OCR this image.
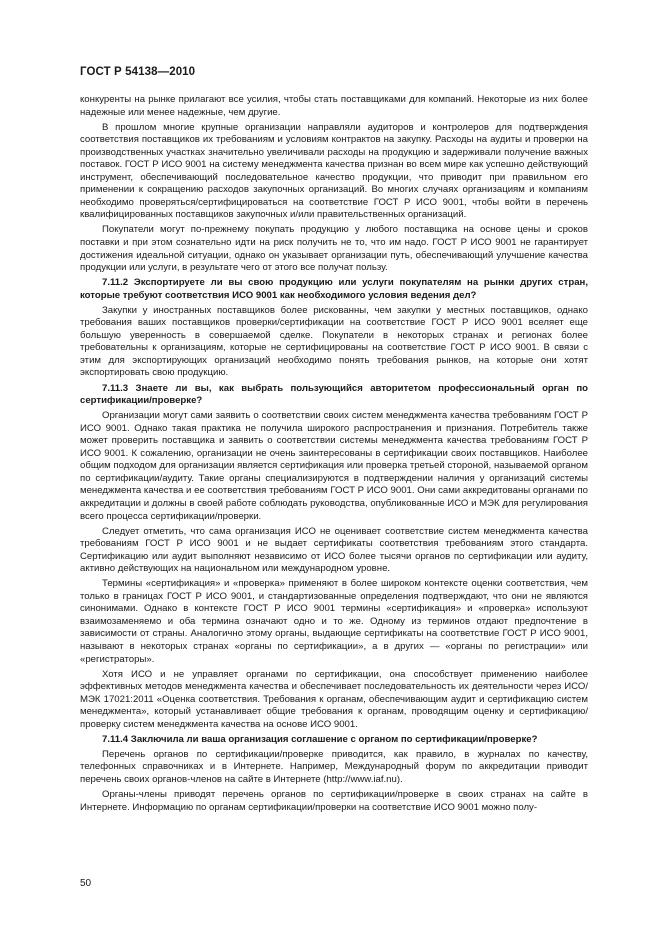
ГОСТ Р 54138—2010

конкуренты на рынке прилагают все усилия, чтобы стать поставщиками для компаний. Некоторые из них более надежные или менее надежные, чем другие.

В прошлом многие крупные организации направляли аудиторов и контролеров для подтверждения соответствия поставщиков их требованиям и условиям контрактов на закупку. Расходы на аудиты и проверки на производственных участках значительно увеличивали расходы на продукцию и задерживали получение важных поставок. ГОСТ Р ИСО 9001 на систему менеджмента качества признан во всем мире как успешно действующий инструмент, обеспечивающий последовательное качество продукции, что приводит при правильном его применении к сокращению расходов закупочных организаций. Во многих случаях организациям и компаниям необходимо проверяться/сертифицироваться на соответствие ГОСТ Р ИСО 9001, чтобы войти в перечень квалифицированных поставщиков закупочных и/или правительственных организаций.

Покупатели могут по-прежнему покупать продукцию у любого поставщика на основе цены и сроков поставки и при этом сознательно идти на риск получить не то, что им надо. ГОСТ Р ИСО 9001 не гарантирует достижения идеальной ситуации, однако он указывает организации путь, обеспечивающий улучшение качества продукции или услуги, в результате чего от этого все получат пользу.

7.11.2 Экспортируете ли вы свою продукцию или услуги покупателям на рынки других стран, которые требуют соответствия ИСО 9001 как необходимого условия ведения дел?

Закупки у иностранных поставщиков более рискованны, чем закупки у местных поставщиков, однако требования ваших поставщиков проверки/сертификации на соответствие ГОСТ Р ИСО 9001 вселяет еще большую уверенность в совершаемой сделке. Покупатели в некоторых странах и регионах более требовательны к организациям, которые не сертифицированы на соответствие ГОСТ Р ИСО 9001. В связи с этим для экспортирующих организаций необходимо понять требования рынков, на которые они хотят экспортировать свою продукцию.

7.11.3 Знаете ли вы, как выбрать пользующийся авторитетом профессиональный орган по сертификации/проверке?

Организации могут сами заявить о соответствии своих систем менеджмента качества требованиям ГОСТ Р ИСО 9001. Однако такая практика не получила широкого распространения и признания. Потребитель также может проверить поставщика и заявить о соответствии системы менеджмента качества требованиям ГОСТ Р ИСО 9001. К сожалению, организации не очень заинтересованы в сертификации своих поставщиков. Наиболее общим подходом для организации является сертификация или проверка третьей стороной, называемой органом по сертификации/аудиту. Такие органы специализируются в подтверждении наличия у организаций системы менеджмента качества и ее соответствия требованиям ГОСТ Р ИСО 9001. Они сами аккредитованы органами по аккредитации и должны в своей работе соблюдать руководства, опубликованные ИСО и МЭК для регулирования всего процесса сертификации/проверки.

Следует отметить, что сама организация ИСО не оценивает соответствие систем менеджмента качества требованиям ГОСТ Р ИСО 9001 и не выдает сертификаты соответствия требованиям этого стандарта. Сертификацию или аудит выполняют независимо от ИСО более тысячи органов по сертификации или аудиту, активно действующих на национальном или международном уровне.

Термины «сертификация» и «проверка» применяют в более широком контексте оценки соответствия, чем только в границах ГОСТ Р ИСО 9001, и стандартизованные определения подтверждают, что они не являются синонимами. Однако в контексте ГОСТ Р ИСО 9001 термины «сертификация» и «проверка» используют взаимозаменяемо и оба термина означают одно и то же. Одному из терминов отдают предпочтение в зависимости от страны. Аналогично этому органы, выдающие сертификаты на соответствие ГОСТ Р ИСО 9001, называют в некоторых странах «органы по сертификации», а в других — «органы по регистрации» или «регистраторы».

Хотя ИСО и не управляет органами по сертификации, она способствует применению наиболее эффективных методов менеджмента качества и обеспечивает последовательность их деятельности через ИСО/МЭК 17021:2011 «Оценка соответствия. Требования к органам, обеспечивающим аудит и сертификацию систем менеджмента», который устанавливает общие требования к органам, проводящим оценку и сертификацию/проверку систем менеджмента качества на основе ИСО 9001.

7.11.4 Заключила ли ваша организация соглашение с органом по сертификации/проверке?

Перечень органов по сертификации/проверке приводится, как правило, в журналах по качеству, телефонных справочниках и в Интернете. Например, Международный форум по аккредитации приводит перечень своих органов-членов на сайте в Интернете (http://www.iaf.nu).

Органы-члены приводят перечень органов по сертификации/проверке в своих странах на сайте в Интернете. Информацию по органам сертификации/проверки на соответствие ИСО 9001 можно полу-

50
